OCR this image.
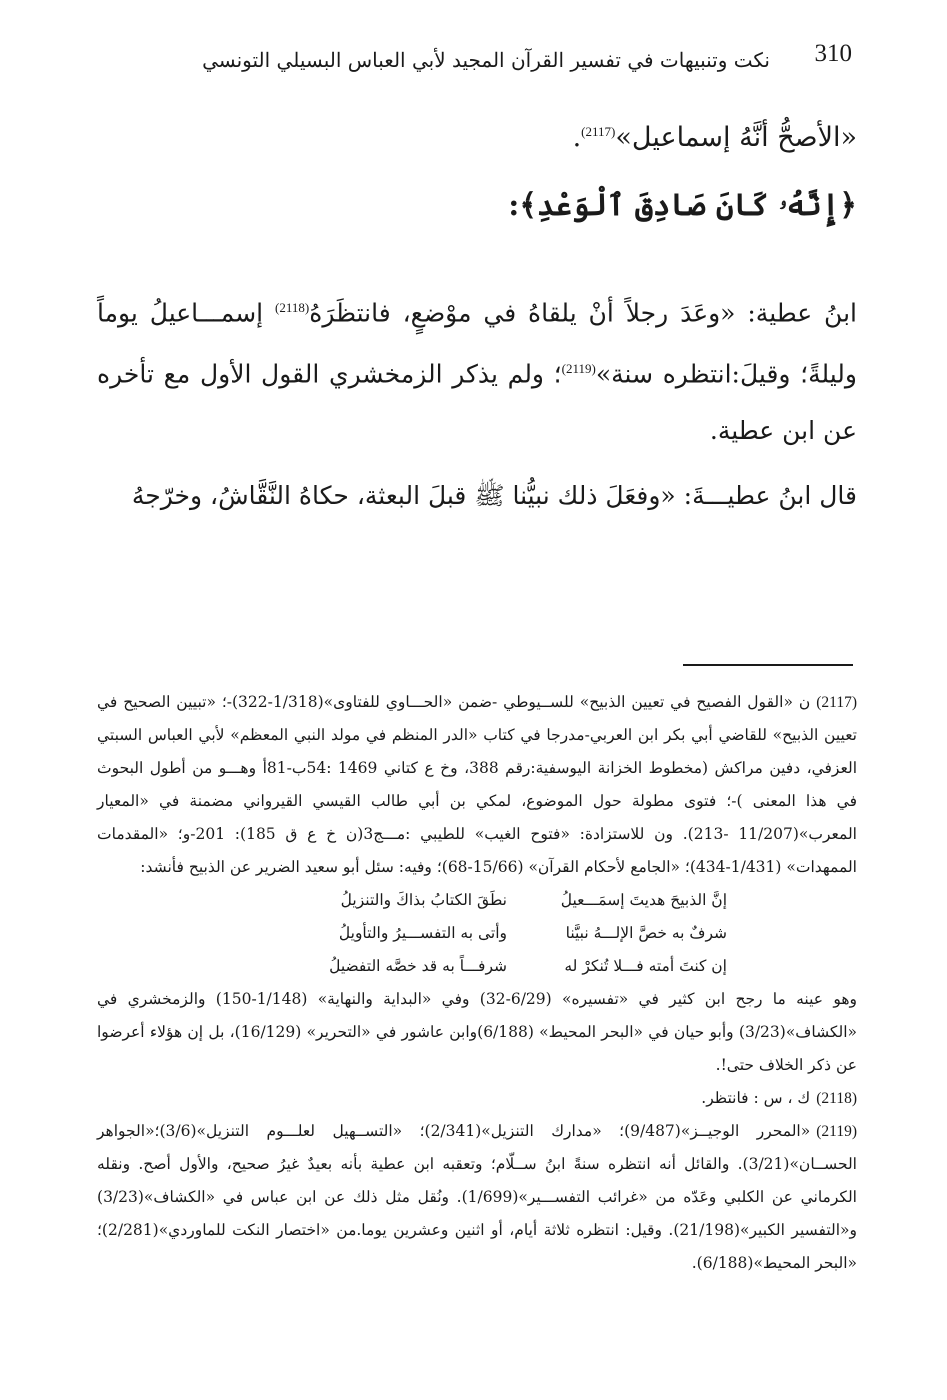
310
نكت وتنبيهات في تفسير القرآن المجيد لأبي العباس البسيلي التونسي
«الأصحُّ أنَّهُ إسماعيل»$^{(2117)}$.
﴿إِنَّهُۥ كَانَ صَادِقَ ٱلْوَعْدِ﴾:
ابنُ عطية: «وعَدَ رجلاً أنْ يلقاهُ في موْضعٍ، فانتظَرَهُ$^{(2118)}$ إسمـــاعيلُ يوماً وليلةً؛ وقيلَ:انتظره سنة»$^{(2119)}$؛ ولم يذكر الزمخشري القول الأول مع تأخره عن ابن عطية.
قال ابنُ عطيـــةَ: «وفعَلَ ذلك نبيُّنا ﷺ قبلَ البعثة، حكاهُ النَّقَّاشُ، وخرّجهُ
(2117)ن «القول الفصيح في تعيين الذبيح» للســيوطي -ضمن «الحـــاوي للفتاوى»(1/318-322)-؛ «تبيين الصحيح في تعيين الذبيح» للقاضي أبي بكر ابن العربي-مدرجا في كتاب «الدر المنظم في مولد النبي المعظم» لأبي العباس السبتي العزفي، دفين مراكش (مخطوط الخزانة اليوسفية:رقم 388، وخ ع كتاني 1469 :54ب-81أ وهـــو من أطول البحوث في هذا المعنى )-؛ فتوى مطولة حول الموضوع، لمكي بن أبي طالب القيسي القيرواني مضمنة في «المعيار المعرب»(11/207 -213). ون للاستزادة: «فتوح الغيب» للطيبي :مـــج3(ن خ ع ق 185): 201-و؛ «المقدمات الممهدات» (1/431-434)؛ «الجامع لأحكام القرآن» (15/66-68)؛ وفيه: سئل أبو سعيد الضرير عن الذبيح فأنشد:
إنَّ الذبيحَ هديتَ إسمَـــعيلُ
نطَقَ الكتابُ بذاكَ والتنزيلُ
شرفٌ به خصَّ الإلـــهُ نبيَّنا
وأتى به التفســـيرُ والتأويلُ
إن كنتَ أمته فـــلا تُنكرْ له
شرفـــاً به قد خصَّه التفضيلُ
وهو عينه ما رجح ابن كثير في «تفسيره» (6/29-32) وفي «البداية والنهاية» (1/148-150) والزمخشري في «الكشاف»(3/23) وأبو حيان في «البحر المحيط» (6/188)وابن عاشور في «التحرير» (16/129)، بل إن هؤلاء أعرضوا عن ذكر الخلاف حتى!.
(2118)ك ، س : فانتظر.
(2119)«المحرر الوجيــز»(9/487)؛ «مدارك التنزيل»(2/341)؛ «التســهيل لعلـــوم التنزيل»(3/6)؛«الجواهر الحســان»(3/21). والقائل أنه انتظره سنةً ابنُ ســلّام؛ وتعقبه ابن عطية بأنه بعيدٌ غيرُ صحيح، والأول أصح. ونقله الكرماني عن الكلبي وعَدّه من «غرائب التفســـير»(1/699). ونُقل مثل ذلك عن ابن عباس في «الكشاف»(3/23) و«التفسير الكبير»(21/198). وقيل: انتظره ثلاثة أيام، أو اثنين وعشرين يوما.من «اختصار النكت للماوردي»(2/281)؛ «البحر المحيط»(6/188).
